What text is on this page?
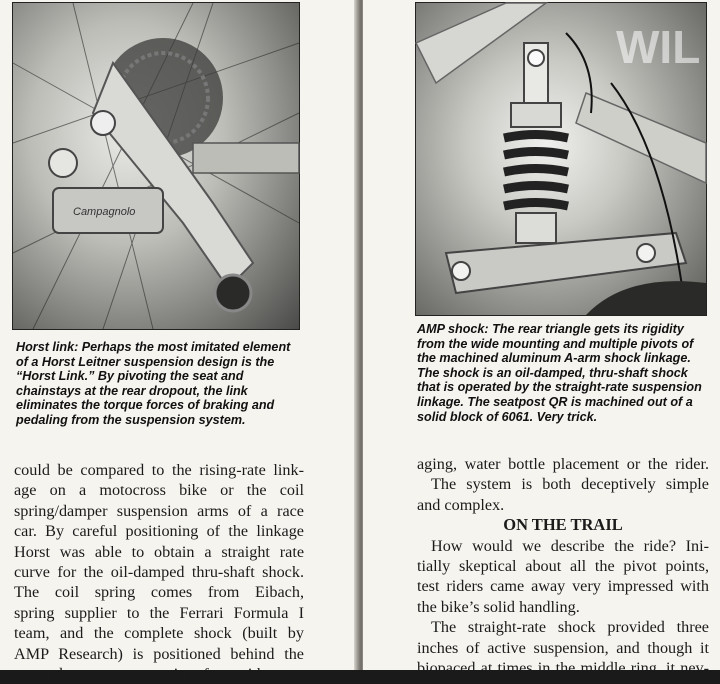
Campagnolo

Horst link: Perhaps the most imitated element of a Horst Leitner suspension design is the “Horst Link.” By pivoting the seat and chainstays at the rear dropout, the link eliminates the torque forces of braking and pedaling from the suspension system.

could be compared to the rising-rate link-
age on a motocross bike or the coil
spring/damper suspension arms of a race
car. By careful positioning of the linkage
Horst was able to obtain a straight rate
curve for the oil-damped thru-shaft shock.
The coil spring comes from Eibach,
spring supplier to the Ferrari Formula I
team, and the complete shock (built by
AMP Research) is positioned behind the
seat tube so as not to interfere with port-
WIL

AMP shock: The rear triangle gets its rigidity from the wide mounting and multiple pivots of the machined aluminum A-arm shock linkage. The shock is an oil-damped, thru-shaft shock that is operated by the straight-rate suspension linkage. The seatpost QR is machined out of a solid block of 6061. Very trick.

aging, water bottle placement or the rider.
The system is both deceptively simple
and complex.
ON THE TRAIL
How would we describe the ride? Ini-
tially skeptical about all the pivot points,
test riders came away very impressed with
the bike’s solid handling.
The straight-rate shock provided three
inches of active suspension, and though it
biopaced at times in the middle ring, it nev-
